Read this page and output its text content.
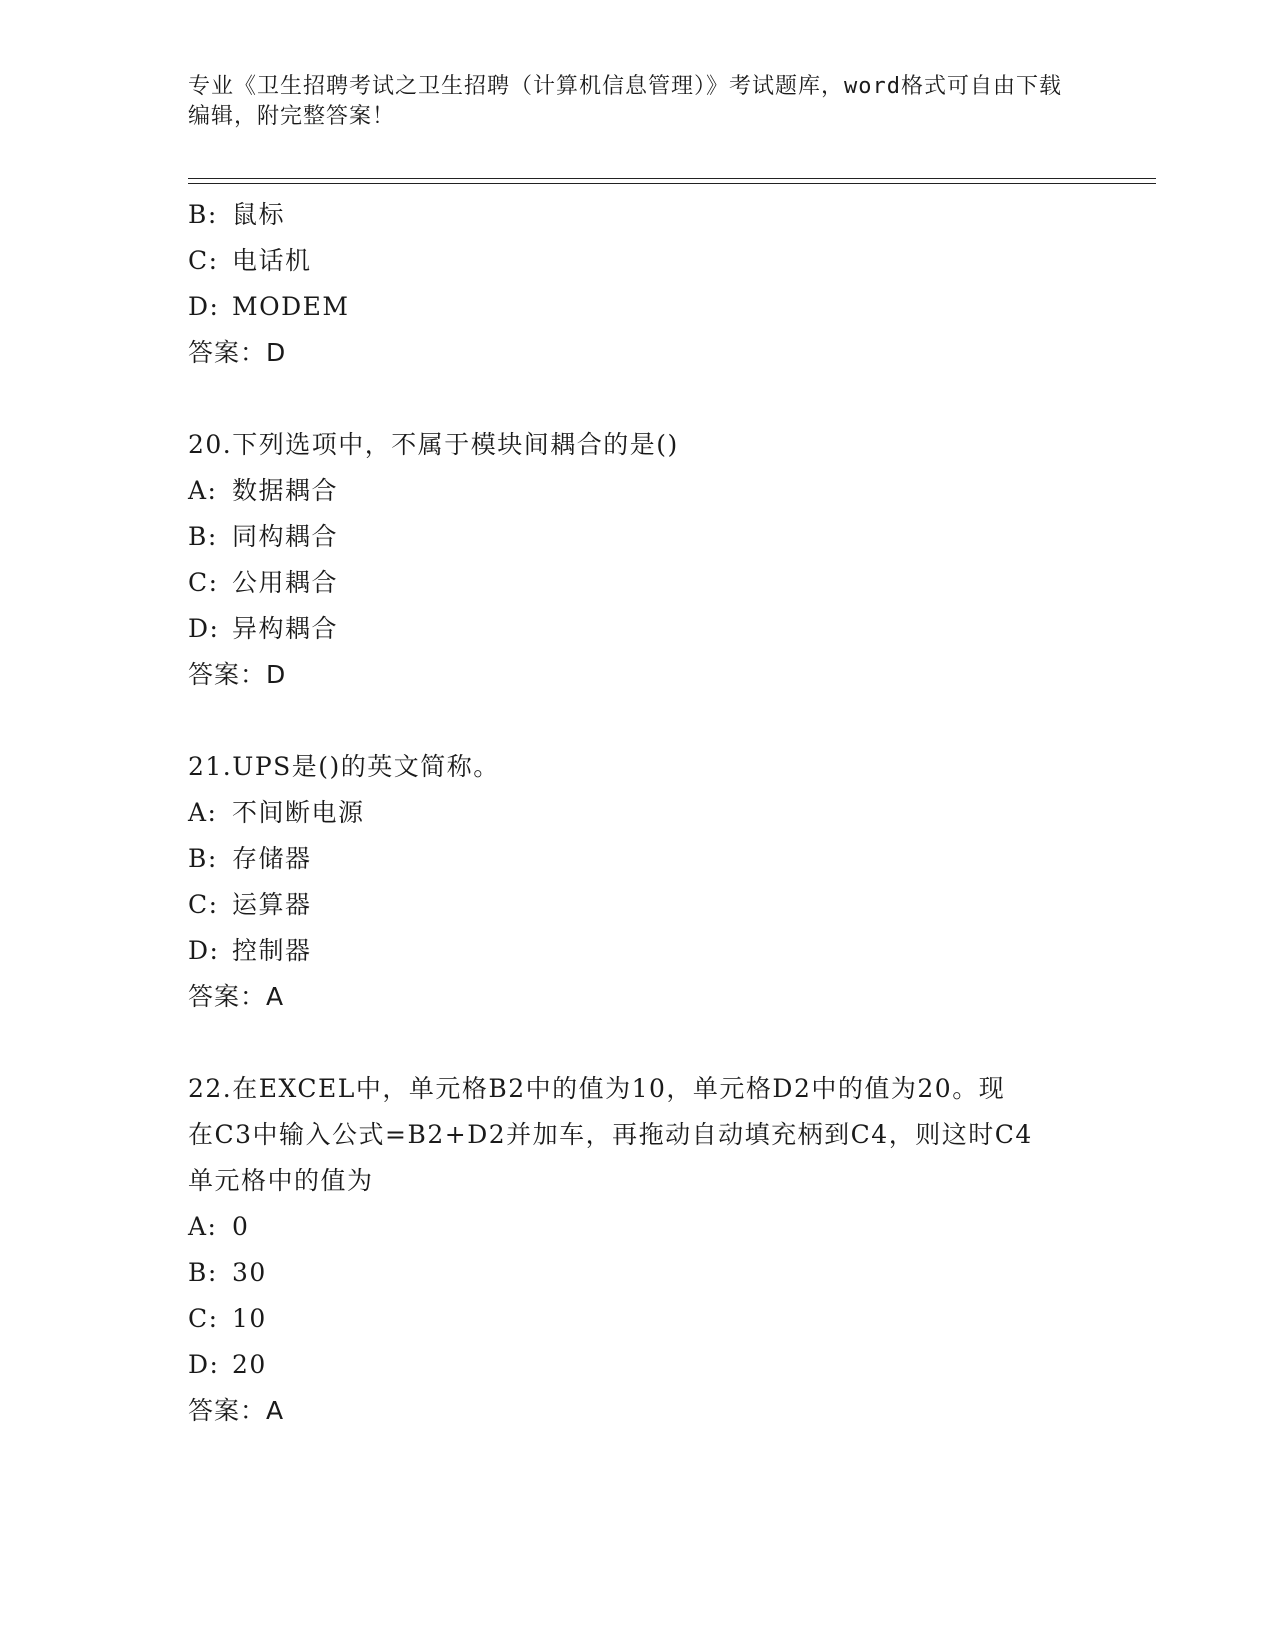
专业《卫生招聘考试之卫生招聘（计算机信息管理）》考试题库，word格式可自由下载编辑，附完整答案！
B: 鼠标
C: 电话机
D: MODEM
答案：D
20.下列选项中，不属于模块间耦合的是()
A: 数据耦合
B: 同构耦合
C: 公用耦合
D: 异构耦合
答案：D
21.UPS是()的英文简称。
A: 不间断电源
B: 存储器
C: 运算器
D: 控制器
答案：A
22.在EXCEL中，单元格B2中的值为10，单元格D2中的值为20。现
在C3中输入公式=B2+D2并加车，再拖动自动填充柄到C4，则这时C4
单元格中的值为
A: 0
B: 30
C: 10
D: 20
答案：A
